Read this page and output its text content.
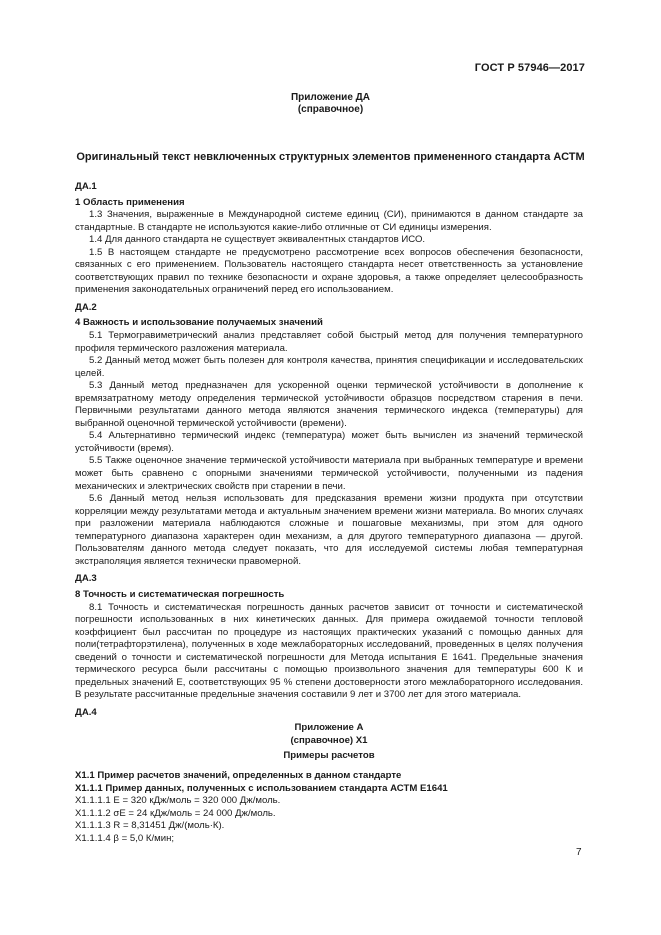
ГОСТ Р 57946—2017
Приложение ДА
(справочное)
Оригинальный текст невключенных структурных элементов примененного стандарта АСТМ

ДА.1

1 Область применения

1.3 Значения, выраженные в Международной системе единиц (СИ), принимаются в данном стандарте за стандартные. В стандарте не используются какие-либо отличные от СИ единицы измерения.

1.4 Для данного стандарта не существует эквивалентных стандартов ИСО.

1.5 В настоящем стандарте не предусмотрено рассмотрение всех вопросов обеспечения безопасности, связанных с его применением. Пользователь настоящего стандарта несет ответственность за установление соответствующих правил по технике безопасности и охране здоровья, а также определяет целесообразность применения законодательных ограничений перед его использованием.

ДА.2

4 Важность и использование получаемых значений

5.1 Термогравиметрический анализ представляет собой быстрый метод для получения температурного профиля термического разложения материала.

5.2 Данный метод может быть полезен для контроля качества, принятия спецификации и исследовательских целей.

5.3 Данный метод предназначен для ускоренной оценки термической устойчивости в дополнение к времязатратному методу определения термической устойчивости образцов посредством старения в печи. Первичными результатами данного метода являются значения термического индекса (температуры) для выбранной оценочной термической устойчивости (времени).

5.4 Альтернативно термический индекс (температура) может быть вычислен из значений термической устойчивости (время).

5.5 Также оценочное значение термической устойчивости материала при выбранных температуре и времени может быть сравнено с опорными значениями термической устойчивости, полученными из падения механических и электрических свойств при старении в печи.

5.6 Данный метод нельзя использовать для предсказания времени жизни продукта при отсутствии корреляции между результатами метода и актуальным значением времени жизни материала. Во многих случаях при разложении материала наблюдаются сложные и пошаговые механизмы, при этом для одного температурного диапазона характерен один механизм, а для другого температурного диапазона — другой. Пользователям данного метода следует показать, что для исследуемой системы любая температурная экстраполяция является технически правомерной.

ДА.3

8 Точность и систематическая погрешность

8.1 Точность и систематическая погрешность данных расчетов зависит от точности и систематической погрешности использованных в них кинетических данных. Для примера ожидаемой точности тепловой коэффициент был рассчитан по процедуре из настоящих практических указаний с помощью данных для поли(тетрафторэтилена), полученных в ходе межлабораторных исследований, проведенных в целях получения сведений о точности и систематической погрешности для Метода испытания Е 1641. Предельные значения термического ресурса были рассчитаны с помощью произвольного значения для температуры 600 К и предельных значений Е, соответствующих 95 % степени достоверности этого межлабораторного исследования. В результате рассчитанные предельные значения составили 9 лет и 3700 лет для этого материала.

ДА.4

Приложение А

(справочное) X1

Примеры расчетов

X1.1 Пример расчетов значений, определенных в данном стандарте

X1.1.1 Пример данных, полученных с использованием стандарта АСТМ E1641

X1.1.1.1 E = 320 кДж/моль = 320 000 Дж/моль.

X1.1.1.2 σE = 24 кДж/моль = 24 000 Дж/моль.

X1.1.1.3 R = 8,31451 Дж/(моль·К).

X1.1.1.4 β = 5,0 К/мин;

7
